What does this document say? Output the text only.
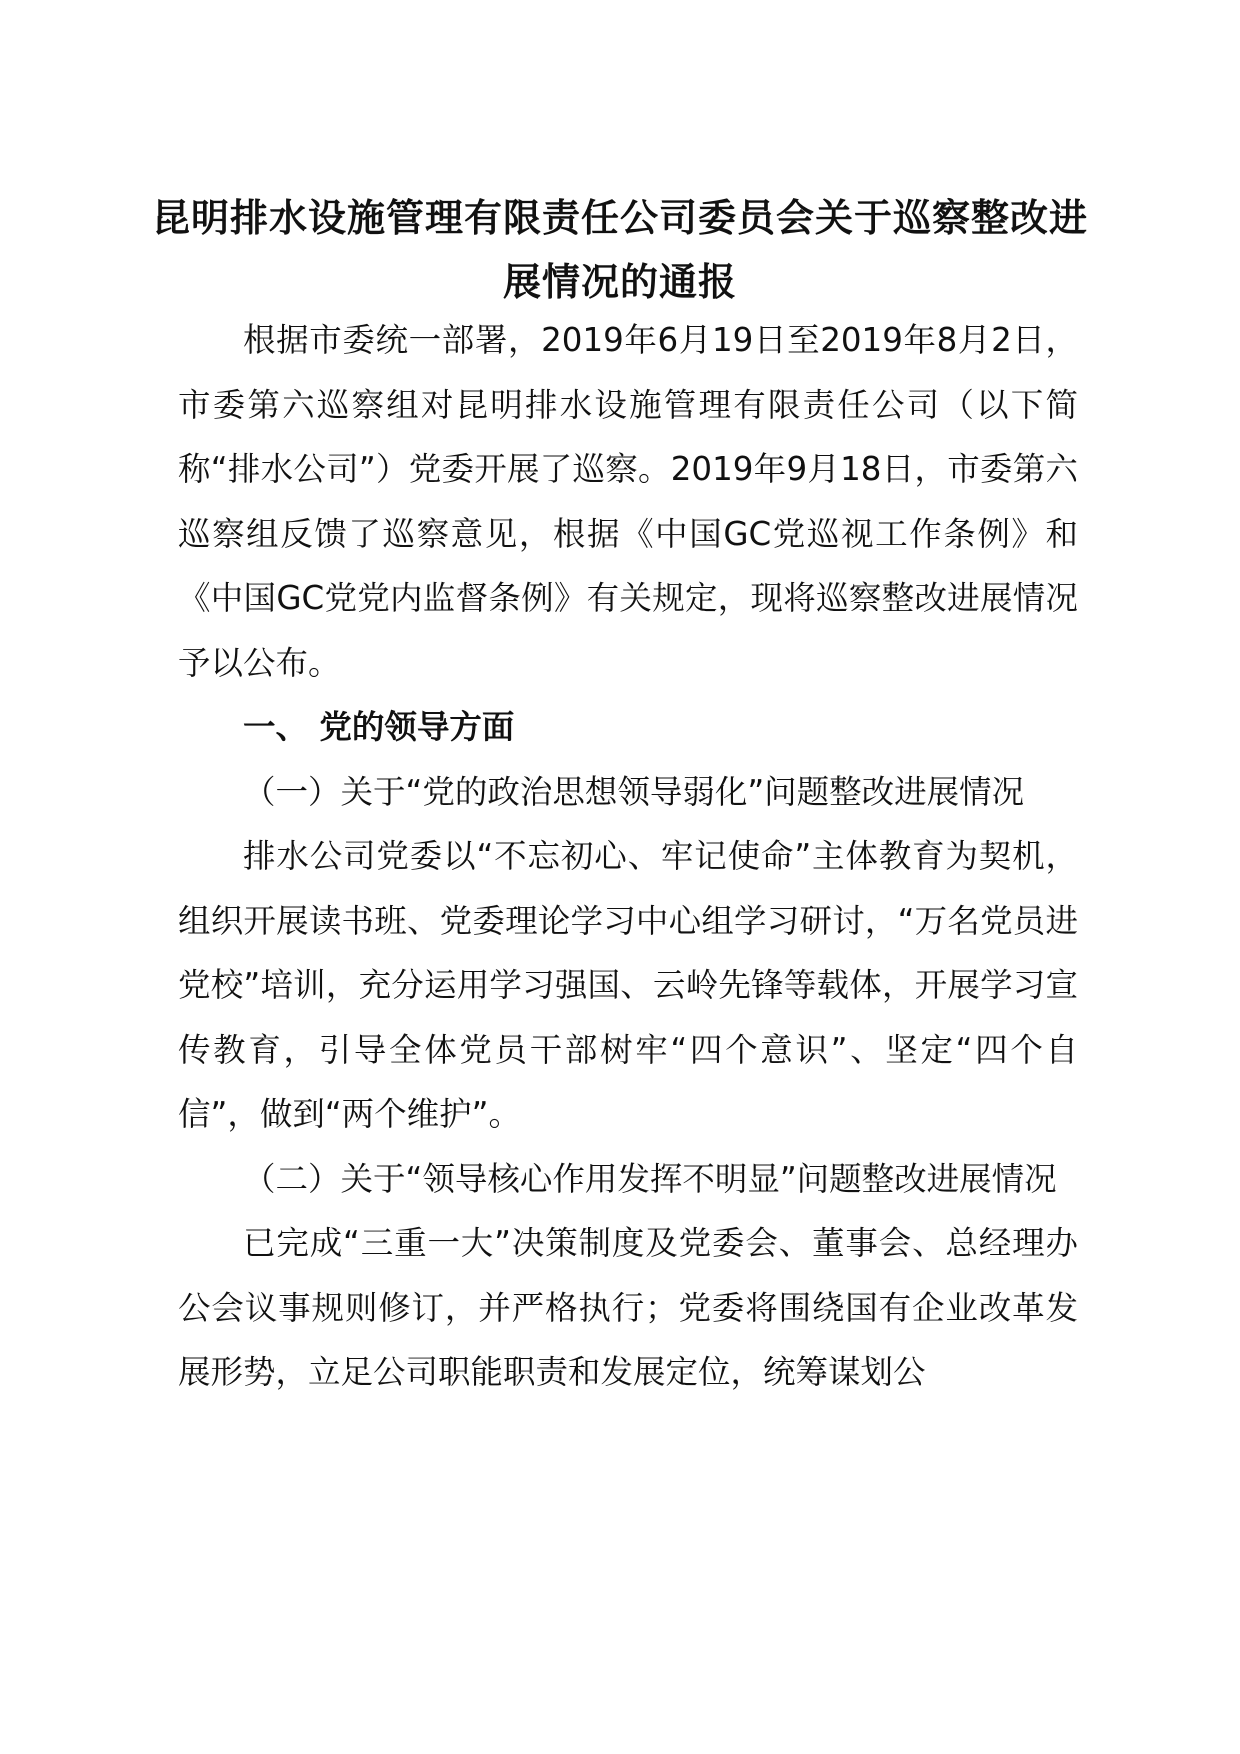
昆明排水设施管理有限责任公司委员会关于巡察整改进展情况的通报

根据市委统一部署，2019年6月19日至2019年8月2日，市委第六巡察组对昆明排水设施管理有限责任公司（以下简称“排水公司”）党委开展了巡察。2019年9月18日，市委第六巡察组反馈了巡察意见，根据《中国GC党巡视工作条例》和《中国GC党党内监督条例》有关规定，现将巡察整改进展情况予以公布。

一、 党的领导方面

（一）关于“党的政治思想领导弱化”问题整改进展情况

排水公司党委以“不忘初心、牢记使命”主体教育为契机，组织开展读书班、党委理论学习中心组学习研讨，“万名党员进党校”培训，充分运用学习强国、云岭先锋等载体，开展学习宣传教育，引导全体党员干部树牢“四个意识”、坚定“四个自信”，做到“两个维护”。

（二）关于“领导核心作用发挥不明显”问题整改进展情况

已完成“三重一大”决策制度及党委会、董事会、总经理办公会议事规则修订，并严格执行；党委将围绕国有企业改革发展形势，立足公司职能职责和发展定位，统筹谋划公
